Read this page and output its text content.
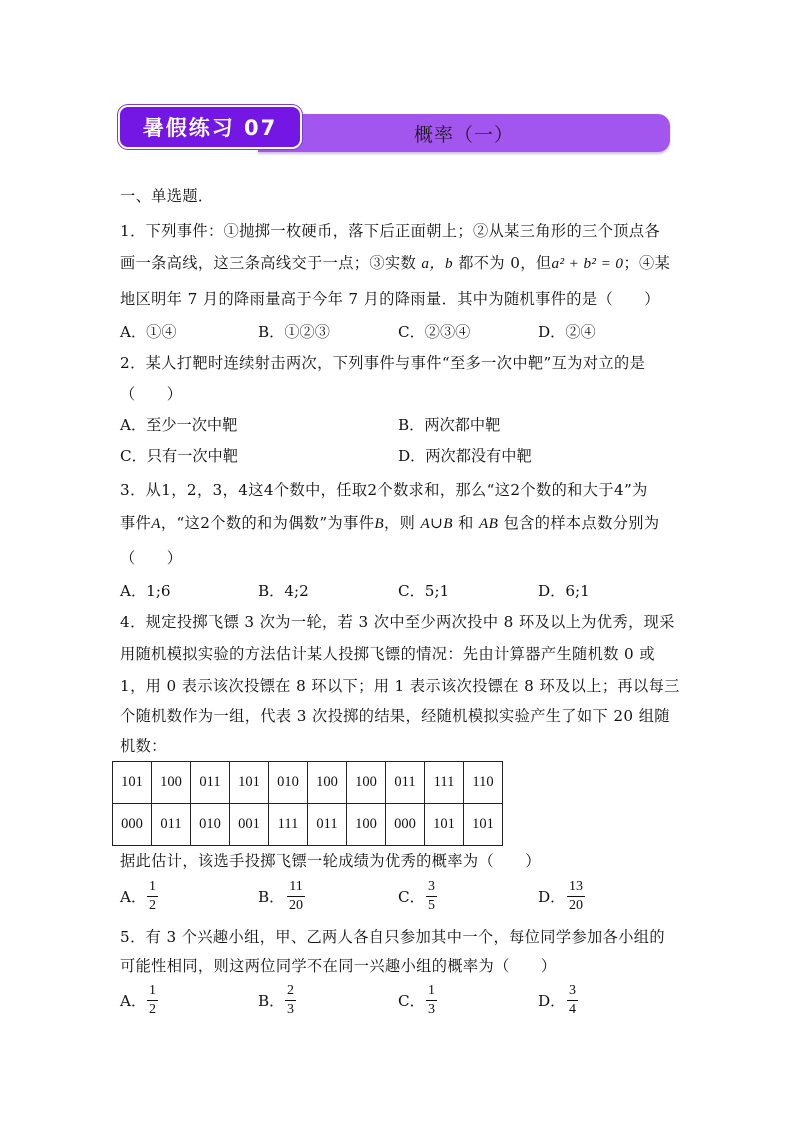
概率（一）
暑假练习 07
一、单选题．
1．下列事件：①抛掷一枚硬币，落下后正面朝上；②从某三角形的三个顶点各
画一条高线，这三条高线交于一点；③实数 a，b 都不为 0，但a² + b² = 0；④某
地区明年 7 月的降雨量高于今年 7 月的降雨量．其中为随机事件的是（　　）
A．①④	B．①②③	C．②③④	D．②④
2．某人打靶时连续射击两次，下列事件与事件“至多一次中靶”互为对立的是
（　　）
A．至少一次中靶	B．两次都中靶
C．只有一次中靶	D．两次都没有中靶
3．从1，2，3，4这4个数中，任取2个数求和，那么“这2个数的和大于4”为
事件A，“这2个数的和为偶数”为事件B，则 A∪B 和 AB 包含的样本点数分别为
（　　）
A．1;6	B．4;2	C．5;1	D．6;1
4．规定投掷飞镖 3 次为一轮，若 3 次中至少两次投中 8 环及以上为优秀，现采
用随机模拟实验的方法估计某人投掷飞镖的情况：先由计算器产生随机数 0 或
1，用 0 表示该次投镖在 8 环以下；用 1 表示该次投镖在 8 环及以上；再以每三
个随机数作为一组，代表 3 次投掷的结果，经随机模拟实验产生了如下 20 组随
机数：
101	100	011	101	010	100	100	011	111	110
000	011	010	001	111	011	100	000	101	101
据此估计，该选手投掷飞镖一轮成绩为优秀的概率为（　　）
A．
1
2	B．
11
20	C．
3
5	D．
13
20
5．有 3 个兴趣小组，甲、乙两人各自只参加其中一个，每位同学参加各小组的
可能性相同，则这两位同学不在同一兴趣小组的概率为（　　）
A．
1
2	B．
2
3	C．
1
3	D．
3
4
